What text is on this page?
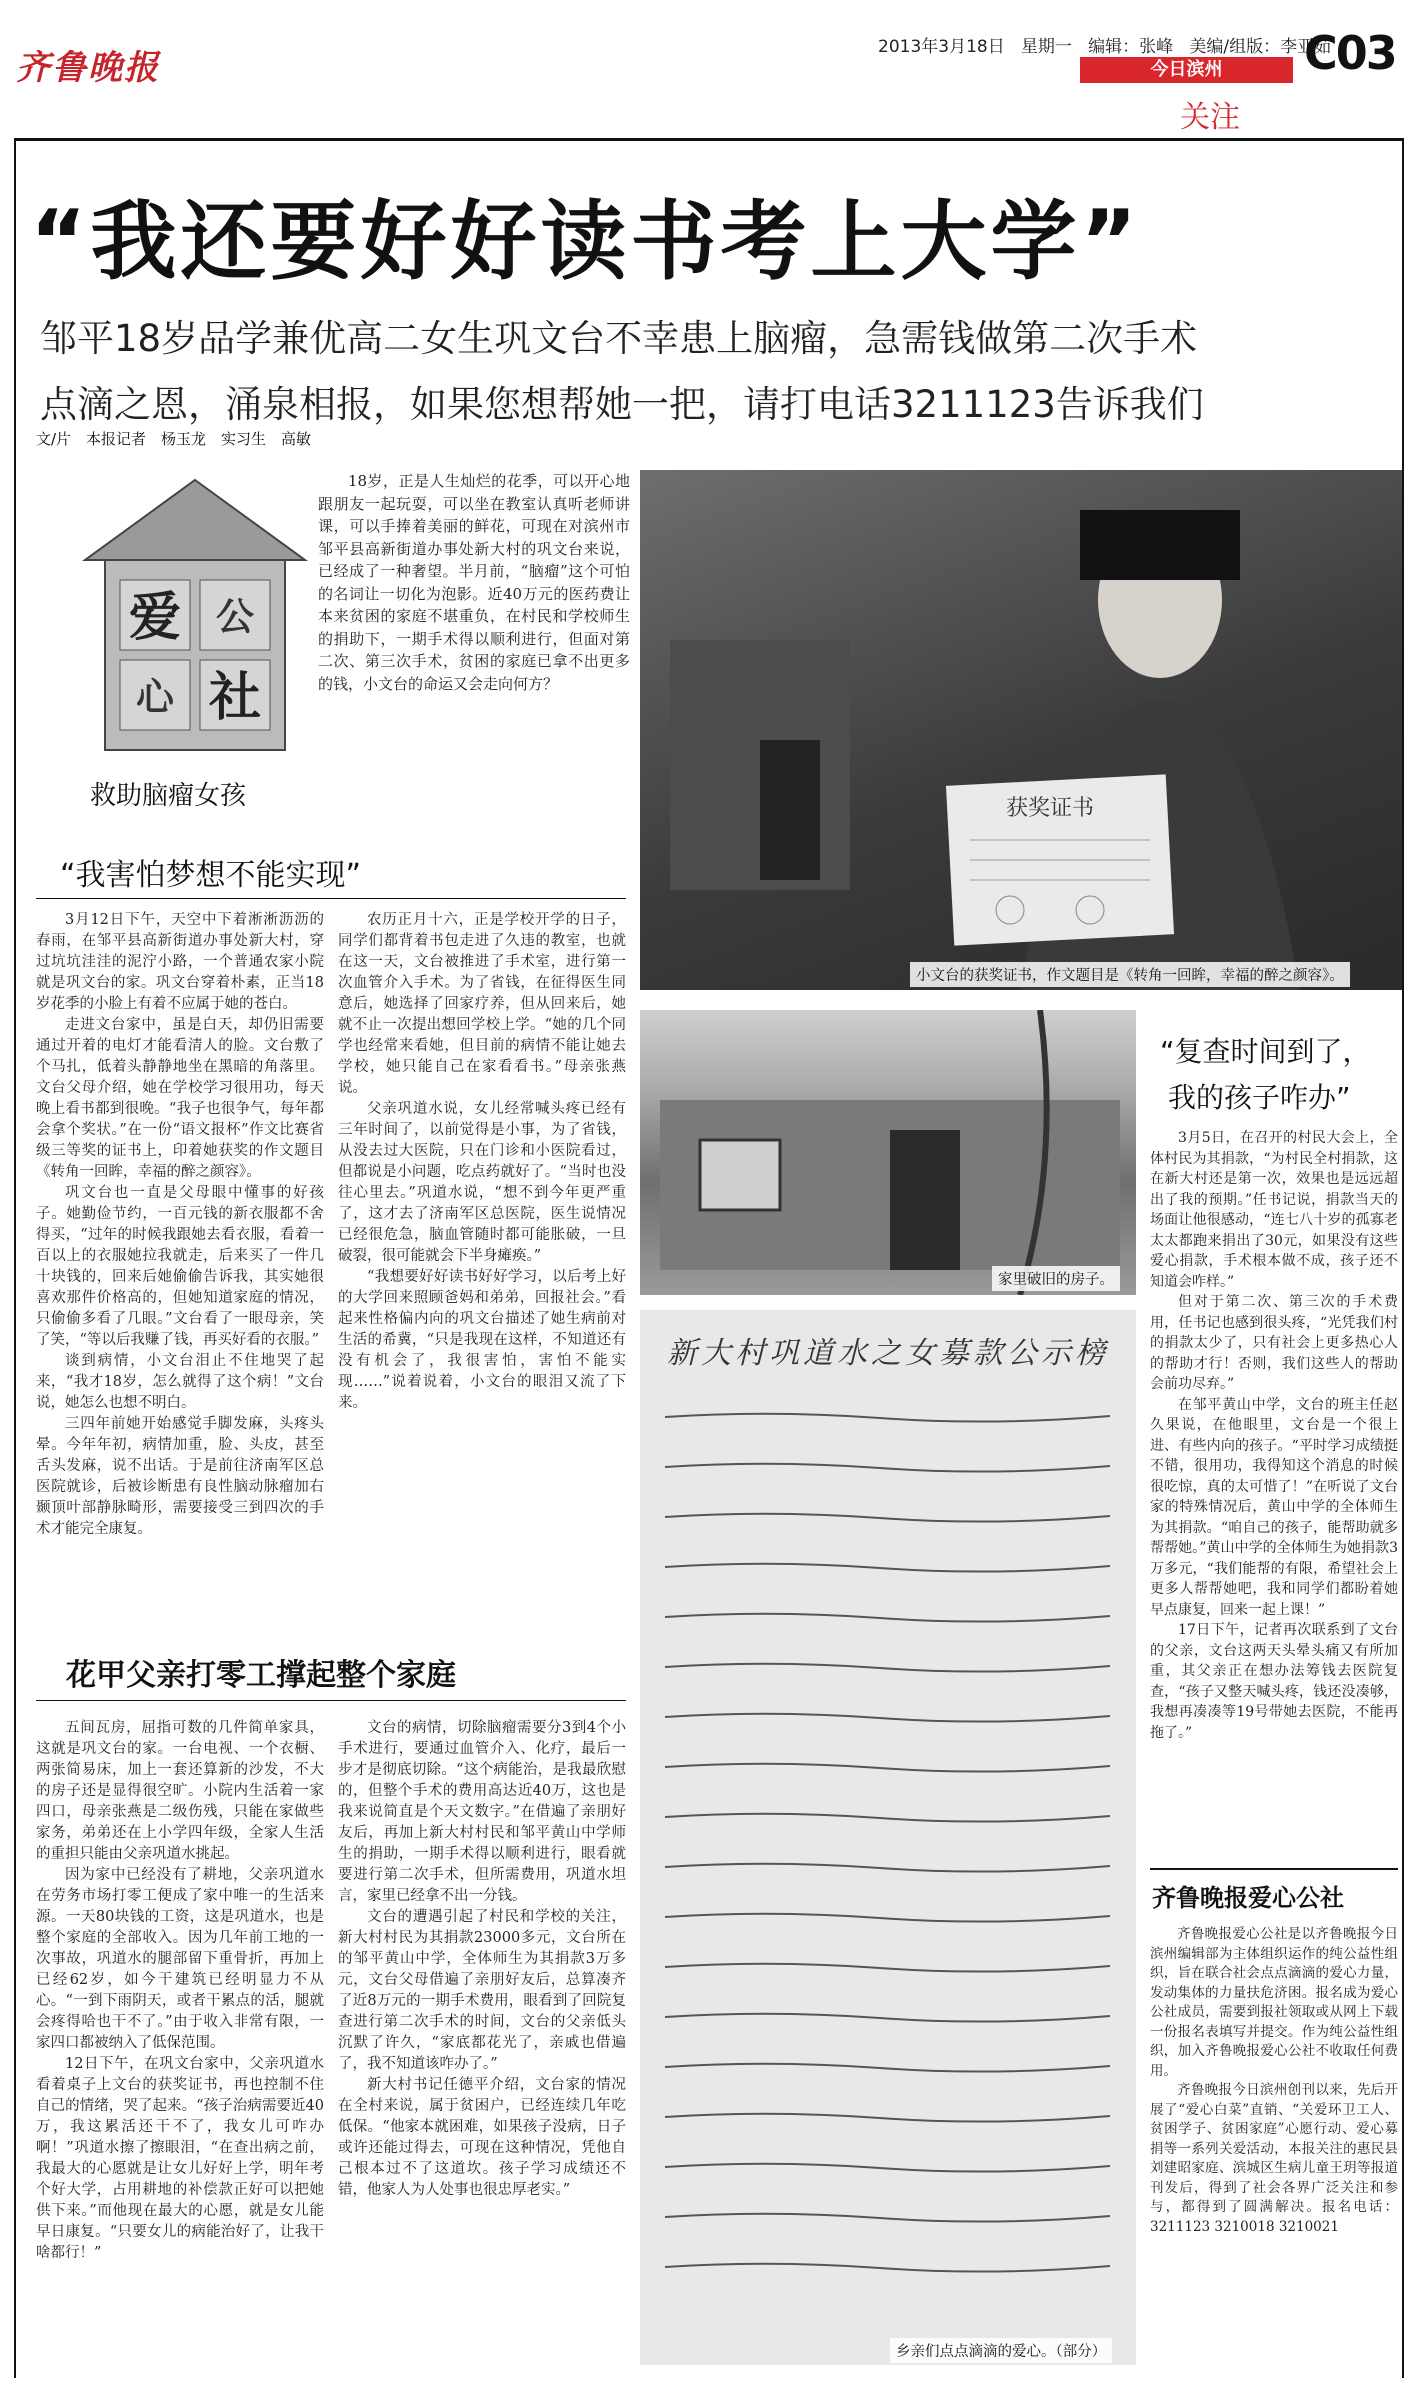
齐鲁晚报
2013年3月18日 星期一 编辑：张峰 美编/组版：李亚茹
今日滨州
关注
C03
“我还要好好读书考上大学”
邹平18岁品学兼优高二女生巩文台不幸患上脑瘤，急需钱做第二次手术
点滴之恩，涌泉相报，如果您想帮她一把，请打电话3211123告诉我们
文/片　本报记者　杨玉龙　实习生　高敏
爱 公
心 社
救助脑瘤女孩

18岁，正是人生灿烂的花季，可以开心地跟朋友一起玩耍，可以坐在教室认真听老师讲课，可以手捧着美丽的鲜花，可现在对滨州市邹平县高新街道办事处新大村的巩文台来说，已经成了一种奢望。半月前，“脑瘤”这个可怕的名词让一切化为泡影。近40万元的医药费让本来贫困的家庭不堪重负，在村民和学校师生的捐助下，一期手术得以顺利进行，但面对第二次、第三次手术，贫困的家庭已拿不出更多的钱，小文台的命运又会走向何方？

“我害怕梦想不能实现”

3月12日下午，天空中下着淅淅沥沥的春雨，在邹平县高新街道办事处新大村，穿过坑坑洼洼的泥泞小路，一个普通农家小院就是巩文台的家。巩文台穿着朴素，正当18岁花季的小脸上有着不应属于她的苍白。

走进文台家中，虽是白天，却仍旧需要通过开着的电灯才能看清人的脸。文台敷了个马扎，低着头静静地坐在黑暗的角落里。文台父母介绍，她在学校学习很用功，每天晚上看书都到很晚。“我子也很争气，每年都会拿个奖状。”在一份“语文报杯”作文比赛省级三等奖的证书上，印着她获奖的作文题目《转角一回眸，幸福的醉之颜容》。

巩文台也一直是父母眼中懂事的好孩子。她勤俭节约，一百元钱的新衣服都不舍得买，“过年的时候我跟她去看衣服，看着一百以上的衣服她拉我就走，后来买了一件几十块钱的，回来后她偷偷告诉我，其实她很喜欢那件价格高的，但她知道家庭的情况，只偷偷多看了几眼。”文台看了一眼母亲，笑了笑，“等以后我赚了钱，再买好看的衣服。”

谈到病情，小文台泪止不住地哭了起来，“我才18岁，怎么就得了这个病！”文台说，她怎么也想不明白。

三四年前她开始感觉手脚发麻，头疼头晕。今年年初，病情加重，脸、头皮，甚至舌头发麻，说不出话。于是前往济南军区总医院就诊，后被诊断患有良性脑动脉瘤加右颞顶叶部静脉畸形，需要接受三到四次的手术才能完全康复。

农历正月十六，正是学校开学的日子，同学们都背着书包走进了久违的教室，也就在这一天，文台被推进了手术室，进行第一次血管介入手术。为了省钱，在征得医生同意后，她选择了回家疗养，但从回来后，她就不止一次提出想回学校上学。“她的几个同学也经常来看她，但目前的病情不能让她去学校，她只能自己在家看看书。”母亲张燕说。

父亲巩道水说，女儿经常喊头疼已经有三年时间了，以前觉得是小事，为了省钱，从没去过大医院，只在门诊和小医院看过，但都说是小问题，吃点药就好了。“当时也没往心里去。”巩道水说，“想不到今年更严重了，这才去了济南军区总医院，医生说情况已经很危急，脑血管随时都可能胀破，一旦破裂，很可能就会下半身瘫痪。”

“我想要好好读书好好学习，以后考上好的大学回来照顾爸妈和弟弟，回报社会。”看起来性格偏内向的巩文台描述了她生病前对生活的希冀，“只是我现在这样，不知道还有没有机会了，我很害怕，害怕不能实现……”说着说着，小文台的眼泪又流了下来。

花甲父亲打零工撑起整个家庭

五间瓦房，屈指可数的几件简单家具，这就是巩文台的家。一台电视、一个衣橱、两张简易床，加上一套还算新的沙发，不大的房子还是显得很空旷。小院内生活着一家四口，母亲张燕是二级伤残，只能在家做些家务，弟弟还在上小学四年级，全家人生活的重担只能由父亲巩道水挑起。

因为家中已经没有了耕地，父亲巩道水在劳务市场打零工便成了家中唯一的生活来源。一天80块钱的工资，这是巩道水，也是整个家庭的全部收入。因为几年前工地的一次事故，巩道水的腿部留下重骨折，再加上已经62岁，如今干建筑已经明显力不从心。“一到下雨阴天，或者干累点的活，腿就会疼得哈也干不了。”由于收入非常有限，一家四口都被纳入了低保范围。

12日下午，在巩文台家中，父亲巩道水看着桌子上文台的获奖证书，再也控制不住自己的情绪，哭了起来。“孩子治病需要近40万，我这累活还干不了，我女儿可咋办啊！”巩道水擦了擦眼泪，“在查出病之前，我最大的心愿就是让女儿好好上学，明年考个好大学，占用耕地的补偿款正好可以把她供下来。”而他现在最大的心愿，就是女儿能早日康复。“只要女儿的病能治好了，让我干啥都行！”

文台的病情，切除脑瘤需要分3到4个小手术进行，要通过血管介入、化疗，最后一步才是彻底切除。“这个病能治，是我最欣慰的，但整个手术的费用高达近40万，这也是我来说简直是个天文数字。”在借遍了亲朋好友后，再加上新大村村民和邹平黄山中学师生的捐助，一期手术得以顺利进行，眼看就要进行第二次手术，但所需费用，巩道水坦言，家里已经拿不出一分钱。

文台的遭遇引起了村民和学校的关注，新大村村民为其捐款23000多元，文台所在的邹平黄山中学，全体师生为其捐款3万多元，文台父母借遍了亲朋好友后，总算凑齐了近8万元的一期手术费用，眼看到了回院复查进行第二次手术的时间，文台的父亲低头沉默了许久，“家底都花光了，亲戚也借遍了，我不知道该咋办了。”

新大村书记任德平介绍，文台家的情况在全村来说，属于贫困户，已经连续几年吃低保。“他家本就困难，如果孩子没病，日子或许还能过得去，可现在这种情况，凭他自己根本过不了这道坎。孩子学习成绩还不错，他家人为人处事也很忠厚老实。”

获奖证书
小文台的获奖证书，作文题目是《转角一回眸，幸福的醉之颜容》。
家里破旧的房子。
新大村巩道水之女募款公示榜
乡亲们点点滴滴的爱心。（部分）
“复查时间到了，
我的孩子咋办”

3月5日，在召开的村民大会上，全体村民为其捐款，“为村民全村捐款，这在新大村还是第一次，效果也是远远超出了我的预期。”任书记说，捐款当天的场面让他很感动，“连七八十岁的孤寡老太太都跑来捐出了30元，如果没有这些爱心捐款，手术根本做不成，孩子还不知道会咋样。”

但对于第二次、第三次的手术费用，任书记也感到很头疼，“光凭我们村的捐款太少了，只有社会上更多热心人的帮助才行！否则，我们这些人的帮助会前功尽弃。”

在邹平黄山中学，文台的班主任赵久果说，在他眼里，文台是一个很上进、有些内向的孩子。“平时学习成绩挺不错，很用功，我得知这个消息的时候很吃惊，真的太可惜了！”在听说了文台家的特殊情况后，黄山中学的全体师生为其捐款。“咱自己的孩子，能帮助就多帮帮她。”黄山中学的全体师生为她捐款3万多元，“我们能帮的有限，希望社会上更多人帮帮她吧，我和同学们都盼着她早点康复，回来一起上课！”

17日下午，记者再次联系到了文台的父亲，文台这两天头晕头痛又有所加重，其父亲正在想办法筹钱去医院复查，“孩子又整天喊头疼，钱还没凑够，我想再凑凑等19号带她去医院，不能再拖了。”

齐鲁晚报爱心公社

齐鲁晚报爱心公社是以齐鲁晚报今日滨州编辑部为主体组织运作的纯公益性组织，旨在联合社会点点滴滴的爱心力量，发动集体的力量扶危济困。报名成为爱心公社成员，需要到报社领取或从网上下载一份报名表填写并提交。作为纯公益性组织，加入齐鲁晚报爱心公社不收取任何费用。

齐鲁晚报今日滨州创刊以来，先后开展了“爱心白菜”直销、“关爱环卫工人、贫困学子、贫困家庭”心愿行动、爱心募捐等一系列关爱活动，本报关注的惠民县刘建昭家庭、滨城区生病儿童王玥等报道刊发后，得到了社会各界广泛关注和参与，都得到了圆满解决。报名电话：3211123 3210018 3210021
